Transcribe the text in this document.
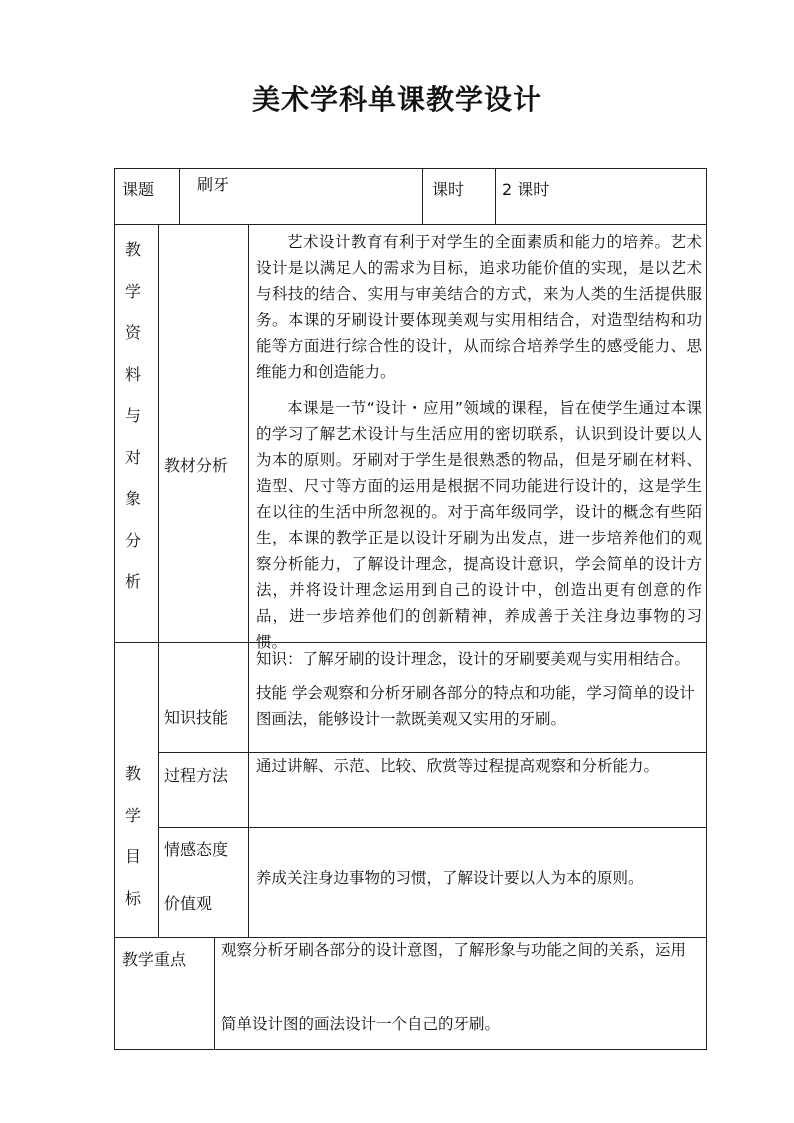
美术学科单课教学设计

课题	刷牙	课时 2 课时

教学资料与对象分析

教材分析

艺术设计教育有利于对学生的全面素质和能力的培养。艺术设计是以满足人的需求为目标，追求功能价值的实现，是以艺术与科技的结合、实用与审美结合的方式，来为人类的生活提供服务。本课的牙刷设计要体现美观与实用相结合，对造型结构和功能等方面进行综合性的设计，从而综合培养学生的感受能力、思维能力和创造能力。

本课是一节“设计・应用”领域的课程，旨在使学生通过本课的学习了解艺术设计与生活应用的密切联系，认识到设计要以人为本的原则。牙刷对于学生是很熟悉的物品，但是牙刷在材料、造型、尺寸等方面的运用是根据不同功能进行设计的，这是学生在以往的生活中所忽视的。对于高年级同学，设计的概念有些陌生，本课的教学正是以设计牙刷为出发点，进一步培养他们的观察分析能力，了解设计理念，提高设计意识，学会简单的设计方法，并将设计理念运用到自己的设计中，创造出更有创意的作品，进一步培养他们的创新精神，养成善于关注身边事物的习惯。

教学目标

知识技能

知识：了解牙刷的设计理念，设计的牙刷要美观与实用相结合。

技能 学会观察和分析牙刷各部分的特点和功能，学习简单的设计图画法，能够设计一款既美观又实用的牙刷。

过程方法 通过讲解、示范、比较、欣赏等过程提高观察和分析能力。

情感态度

价值观

养成关注身边事物的习惯，了解设计要以人为本的原则。

教学重点 观察分析牙刷各部分的设计意图，了解形象与功能之间的关系，运用

简单设计图的画法设计一个自己的牙刷。
